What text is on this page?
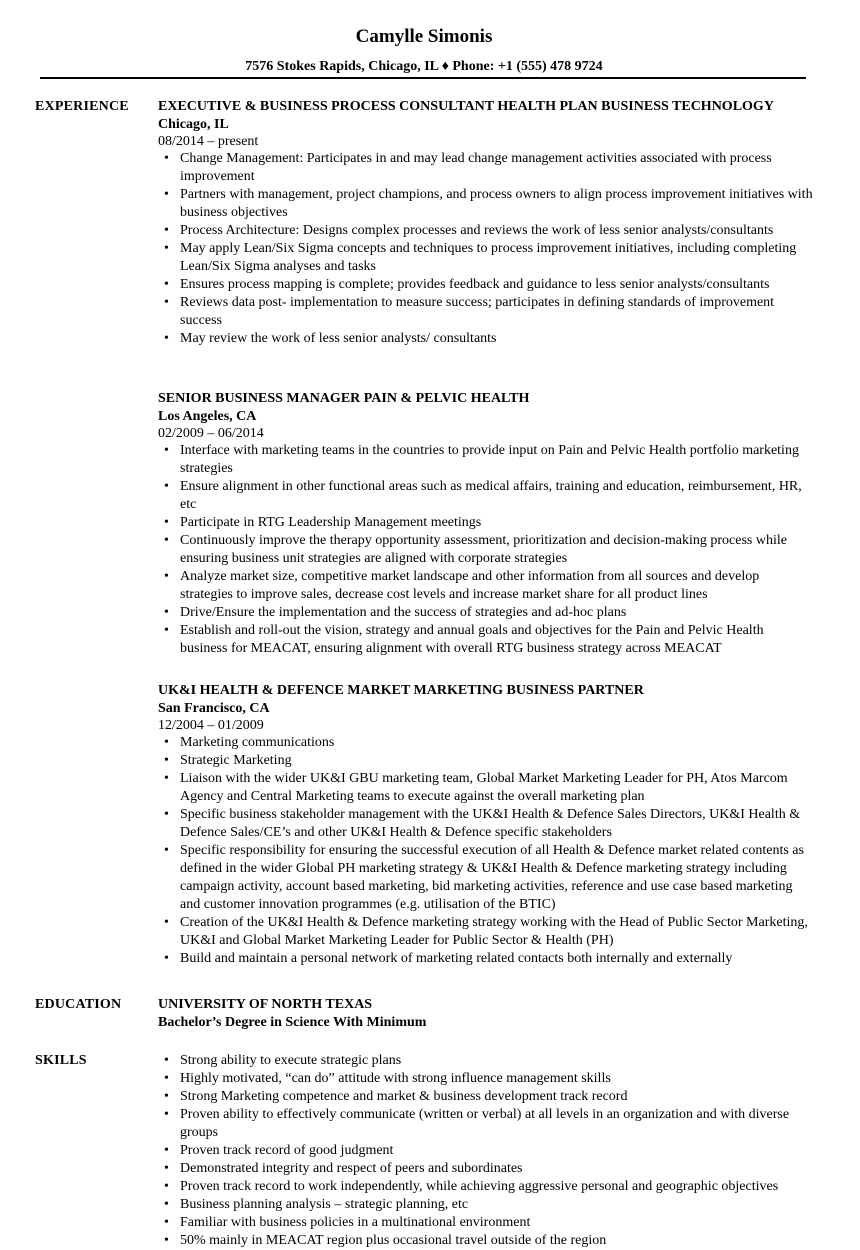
Camylle Simonis
7576 Stokes Rapids, Chicago, IL ♦ Phone: +1 (555) 478 9724
EXPERIENCE EXECUTIVE & BUSINESS PROCESS CONSULTANT HEALTH PLAN BUSINESS TECHNOLOGY
Chicago, IL
08/2014 – present
• Change Management: Participates in and may lead change management activities associated with process improvement
• Partners with management, project champions, and process owners to align process improvement initiatives with business objectives
• Process Architecture: Designs complex processes and reviews the work of less senior analysts/consultants
• May apply Lean/Six Sigma concepts and techniques to process improvement initiatives, including completing Lean/Six Sigma analyses and tasks
• Ensures process mapping is complete; provides feedback and guidance to less senior analysts/consultants
• Reviews data post- implementation to measure success; participates in defining standards of improvement success
• May review the work of less senior analysts/ consultants
SENIOR BUSINESS MANAGER PAIN & PELVIC HEALTH
Los Angeles, CA
02/2009 – 06/2014
• Interface with marketing teams in the countries to provide input on Pain and Pelvic Health portfolio marketing strategies
• Ensure alignment in other functional areas such as medical affairs, training and education, reimbursement, HR, etc
• Participate in RTG Leadership Management meetings
• Continuously improve the therapy opportunity assessment, prioritization and decision-making process while ensuring business unit strategies are aligned with corporate strategies
• Analyze market size, competitive market landscape and other information from all sources and develop strategies to improve sales, decrease cost levels and increase market share for all product lines
• Drive/Ensure the implementation and the success of strategies and ad-hoc plans
• Establish and roll-out the vision, strategy and annual goals and objectives for the Pain and Pelvic Health business for MEACAT, ensuring alignment with overall RTG business strategy across MEACAT
UK&I HEALTH & DEFENCE MARKET MARKETING BUSINESS PARTNER
San Francisco, CA
12/2004 – 01/2009
• Marketing communications
• Strategic Marketing
• Liaison with the wider UK&I GBU marketing team, Global Market Marketing Leader for PH, Atos Marcom Agency and Central Marketing teams to execute against the overall marketing plan
• Specific business stakeholder management with the UK&I Health & Defence Sales Directors, UK&I Health & Defence Sales/CE’s and other UK&I Health & Defence specific stakeholders
• Specific responsibility for ensuring the successful execution of all Health & Defence market related contents as defined in the wider Global PH marketing strategy & UK&I Health & Defence marketing strategy including campaign activity, account based marketing, bid marketing activities, reference and use case based marketing and customer innovation programmes (e.g. utilisation of the BTIC)
• Creation of the UK&I Health & Defence marketing strategy working with the Head of Public Sector Marketing, UK&I and Global Market Marketing Leader for Public Sector & Health (PH)
• Build and maintain a personal network of marketing related contacts both internally and externally
EDUCATION	UNIVERSITY OF NORTH TEXAS
Bachelor’s Degree in Science With Minimum
SKILLS
•	Strong ability to execute strategic plans
• Highly motivated, “can do” attitude with strong influence management skills
• Strong Marketing competence and market & business development track record
• Proven ability to effectively communicate (written or verbal) at all levels in an organization and with diverse groups
• Proven track record of good judgment
• Demonstrated integrity and respect of peers and subordinates
• Proven track record to work independently, while achieving aggressive personal and geographic objectives
• Business planning analysis – strategic planning, etc
• Familiar with business policies in a multinational environment
• 50% mainly in MEACAT region plus occasional travel outside of the region
